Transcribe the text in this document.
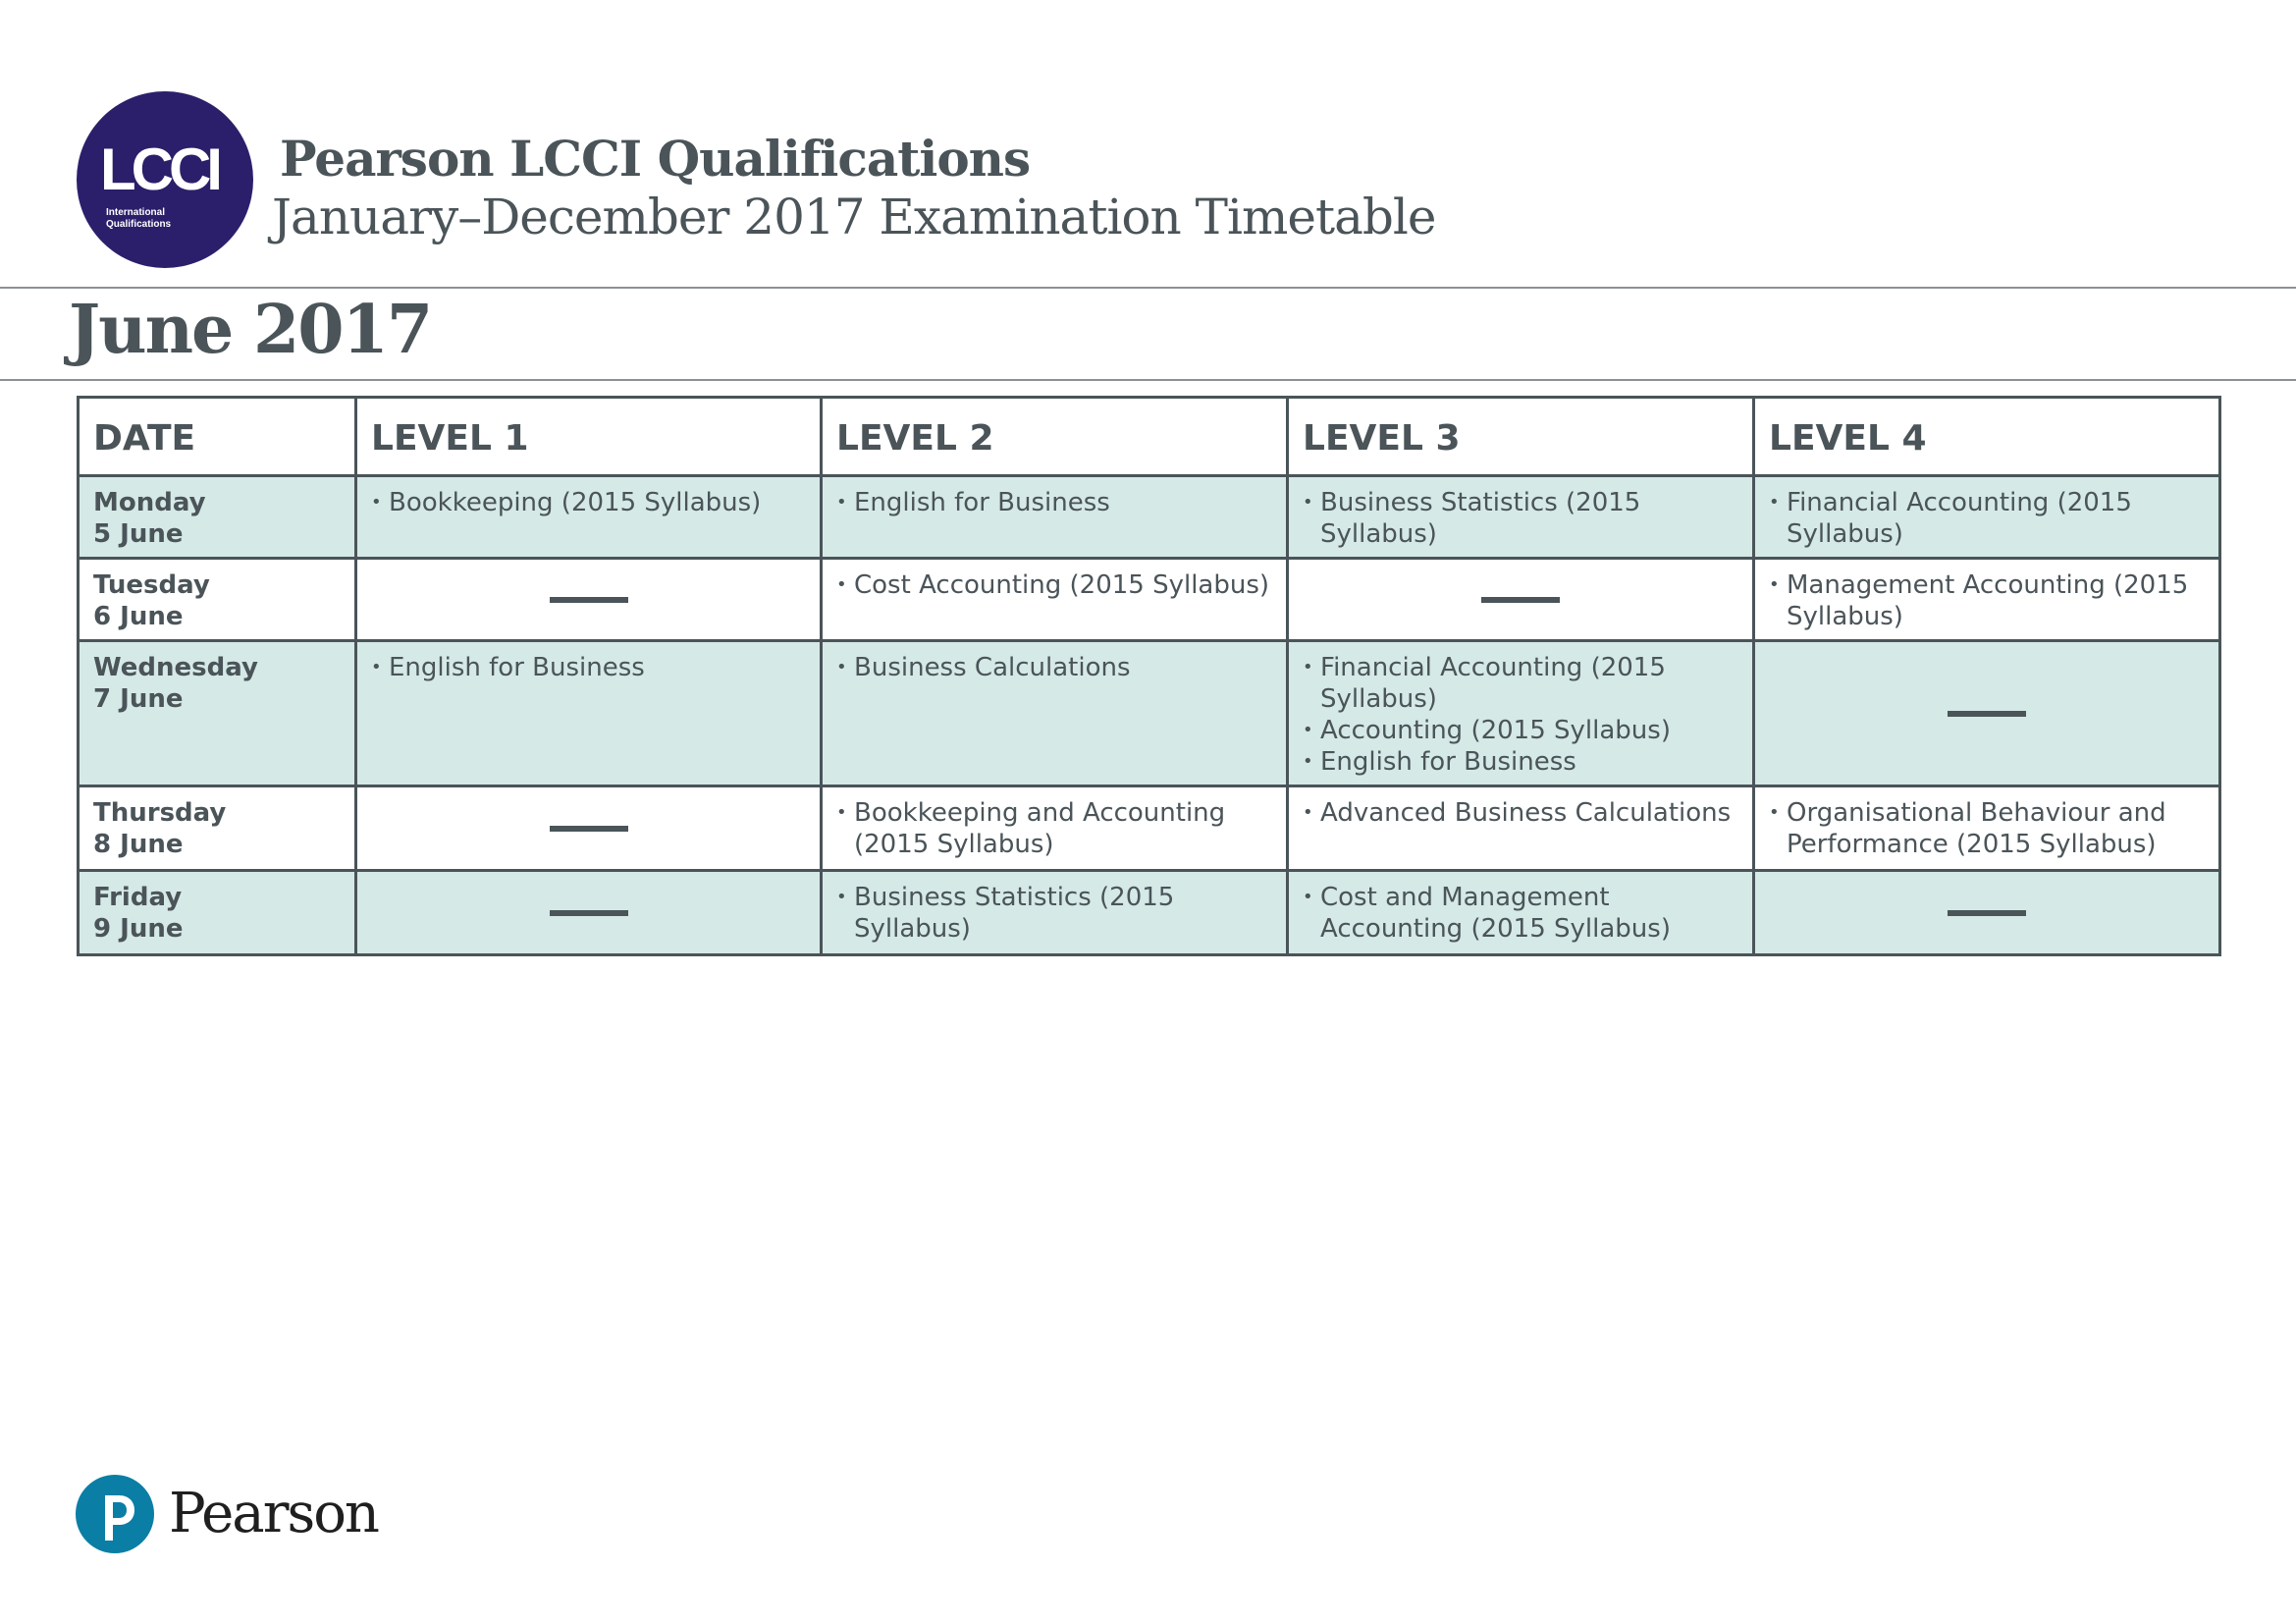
LCCI
International
Qualifications
Pearson LCCI Qualifications
January–December 2017 Examination Timetable
June 2017
DATE	LEVEL 1	LEVEL 2	LEVEL 3	LEVEL 4

Monday
5 June	• Bookkeeping (2015 Syllabus)	• English for Business	• Business Statistics (2015 Syllabus)	• Financial Accounting (2015 Syllabus)

Tuesday
6 June		• Cost Accounting (2015 Syllabus)		• Management Accounting (2015 Syllabus)

Wednesday
7 June	• English for Business	• Business Calculations	• Financial Accounting (2015 Syllabus)
• Accounting (2015 Syllabus)
• English for Business

Thursday
8 June		• Bookkeeping and Accounting (2015 Syllabus)	• Advanced Business Calculations	• Organisational Behaviour and Performance (2015 Syllabus)

Friday
9 June		• Business Statistics (2015 Syllabus)	• Cost and Management Accounting (2015 Syllabus)

Pearson
